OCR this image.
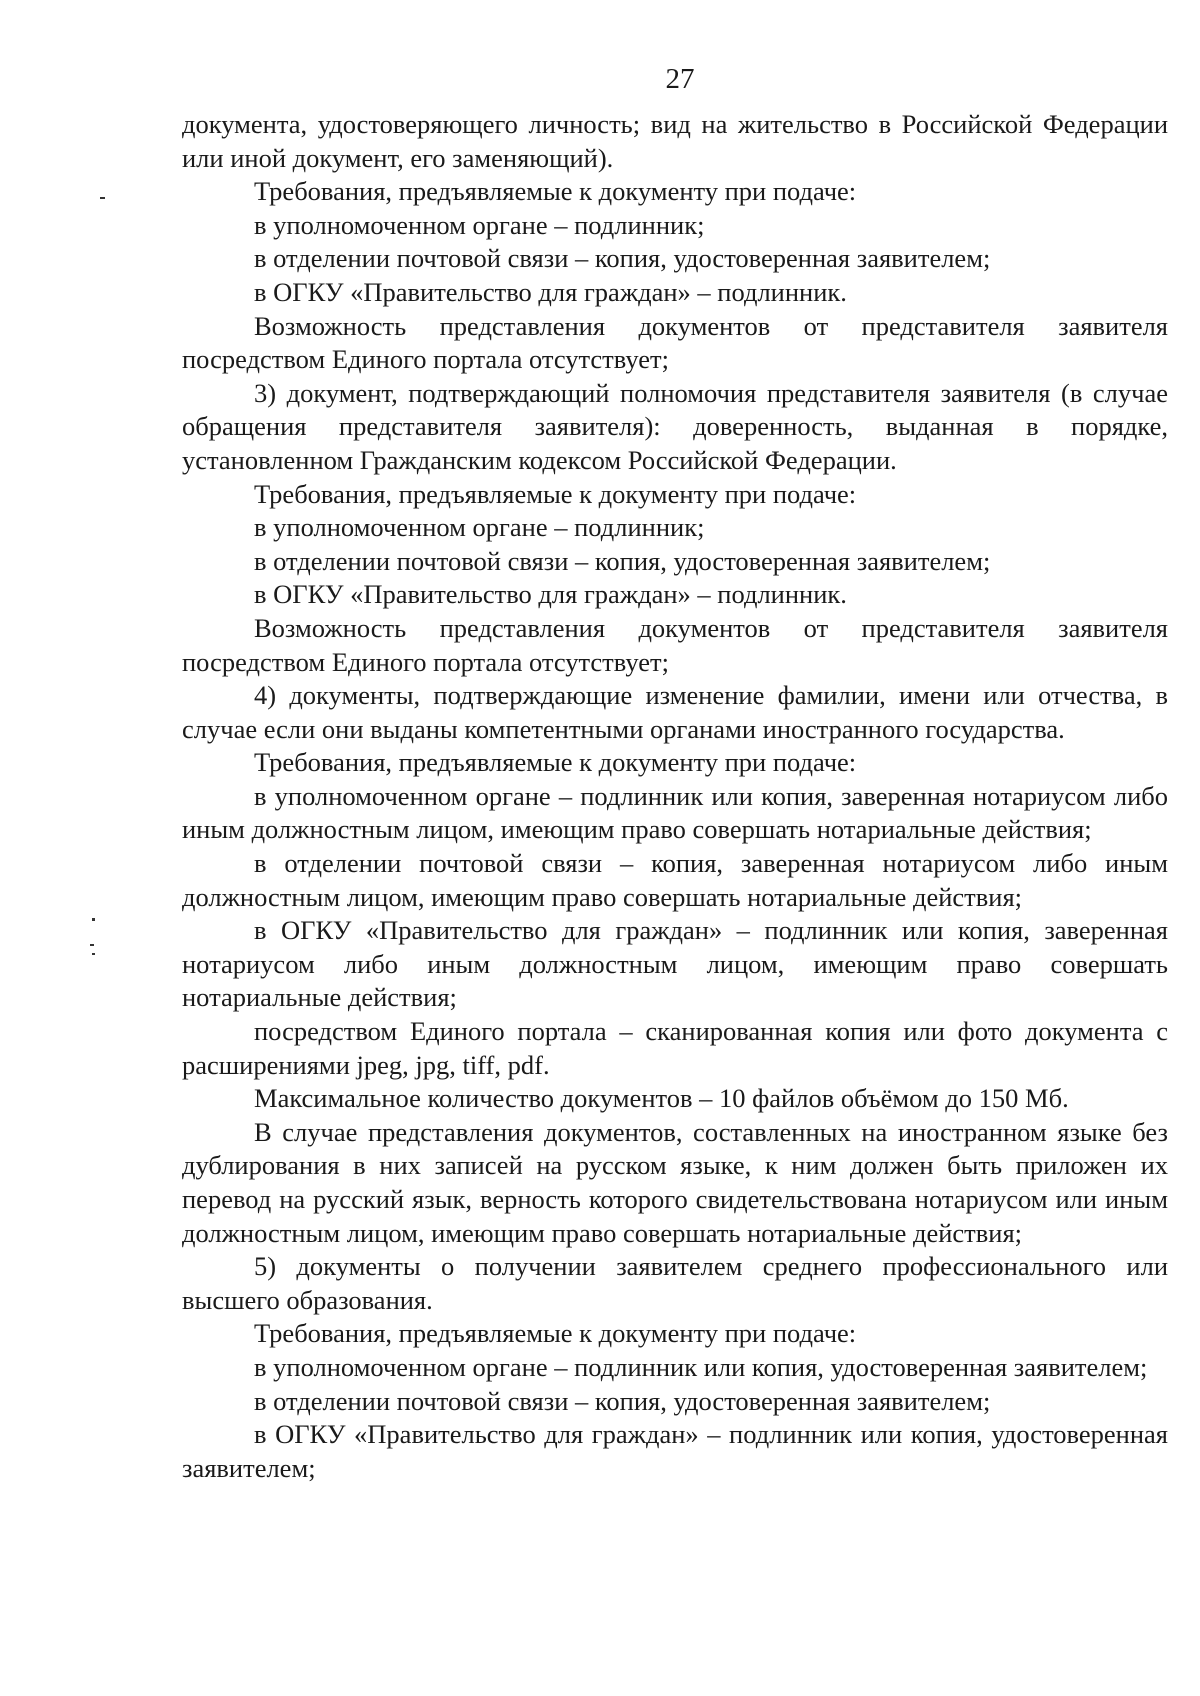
27

документа, удостоверяющего личность; вид на жительство в Российской Федерации или иной документ, его заменяющий).

Требования, предъявляемые к документу при подаче:

в уполномоченном органе – подлинник;

в отделении почтовой связи – копия, удостоверенная заявителем;

в ОГКУ «Правительство для граждан» – подлинник.

Возможность представления документов от представителя заявителя посредством Единого портала отсутствует;

3) документ, подтверждающий полномочия представителя заявителя (в случае обращения представителя заявителя): доверенность, выданная в порядке, установленном Гражданским кодексом Российской Федерации.

Требования, предъявляемые к документу при подаче:

в уполномоченном органе – подлинник;

в отделении почтовой связи – копия, удостоверенная заявителем;

в ОГКУ «Правительство для граждан» – подлинник.

Возможность представления документов от представителя заявителя посредством Единого портала отсутствует;

4) документы, подтверждающие изменение фамилии, имени или отчества, в случае если они выданы компетентными органами иностранного государства.

Требования, предъявляемые к документу при подаче:

в уполномоченном органе – подлинник или копия, заверенная нотариусом либо иным должностным лицом, имеющим право совершать нотариальные действия;

в отделении почтовой связи – копия, заверенная нотариусом либо иным должностным лицом, имеющим право совершать нотариальные действия;

в ОГКУ «Правительство для граждан» – подлинник или копия, заверенная нотариусом либо иным должностным лицом, имеющим право совершать нотариальные действия;

посредством Единого портала – сканированная копия или фото документа с расширениями jpeg, jpg, tiff, pdf.

Максимальное количество документов – 10 файлов объёмом до 150 Мб.

В случае представления документов, составленных на иностранном языке без дублирования в них записей на русском языке, к ним должен быть приложен их перевод на русский язык, верность которого свидетельствована нотариусом или иным должностным лицом, имеющим право совершать нотариальные действия;

5) документы о получении заявителем среднего профессионального или высшего образования.

Требования, предъявляемые к документу при подаче:

в уполномоченном органе – подлинник или копия, удостоверенная заявителем;

в отделении почтовой связи – копия, удостоверенная заявителем;

в ОГКУ «Правительство для граждан» – подлинник или копия, удостоверенная заявителем;
